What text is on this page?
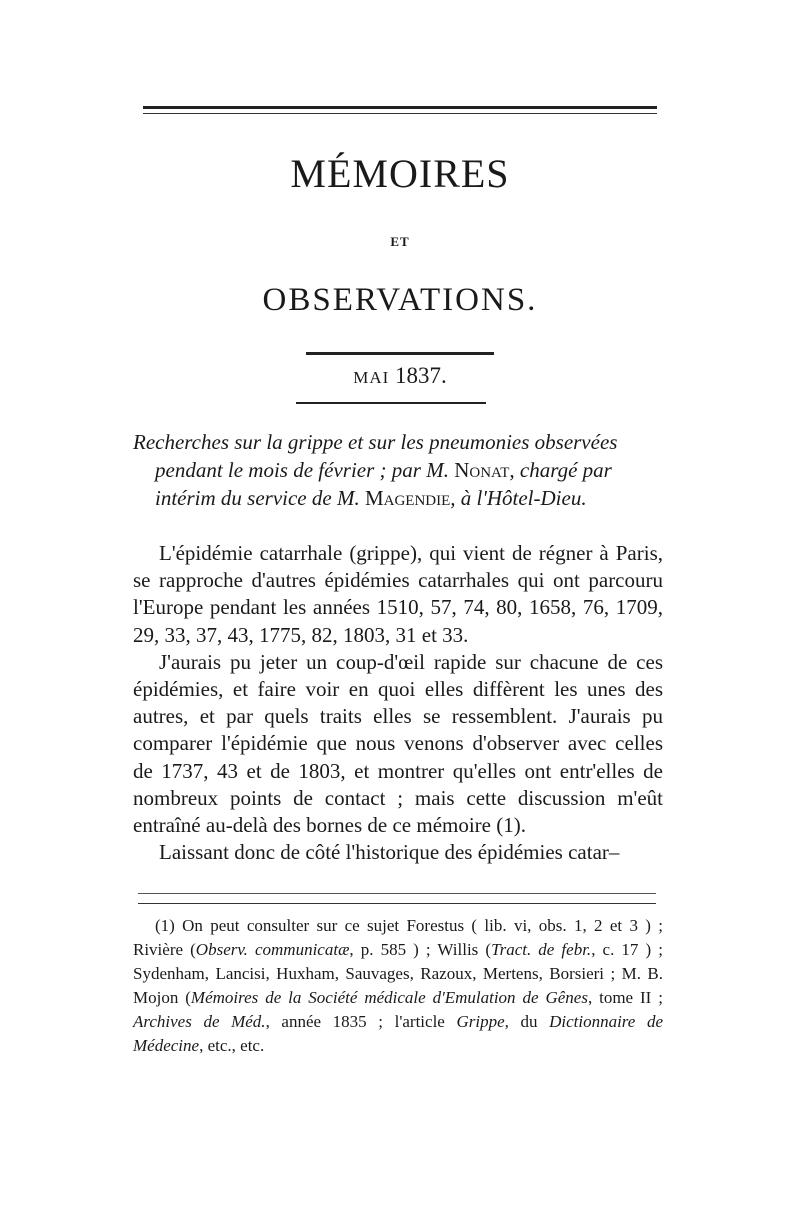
MÉMOIRES
ET
OBSERVATIONS.
MAI 1837.
Recherches sur la grippe et sur les pneumonies observées
pendant le mois de février ; par M. Nonat, chargé par
intérim du service de M. Magendie, à l'Hôtel-Dieu.

L'épidémie catarrhale (grippe), qui vient de régner à Paris, se rapproche d'autres épidémies catarrhales qui ont parcouru l'Europe pendant les années 1510, 57, 74, 80, 1658, 76, 1709, 29, 33, 37, 43, 1775, 82, 1803, 31 et 33.

J'aurais pu jeter un coup-d'œil rapide sur chacune de ces épidémies, et faire voir en quoi elles diffèrent les unes des autres, et par quels traits elles se ressemblent. J'aurais pu comparer l'épidémie que nous venons d'observer avec celles de 1737, 43 et de 1803, et montrer qu'elles ont entr'elles de nombreux points de contact ; mais cette discussion m'eût entraîné au-delà des bornes de ce mémoire (1).

Laissant donc de côté l'historique des épidémies catar–

(1) On peut consulter sur ce sujet Forestus ( lib. vi, obs. 1, 2 et 3 ) ; Rivière (Observ. communicatæ, p. 585 ) ; Willis (Tract. de febr., c. 17 ) ; Sydenham, Lancisi, Huxham, Sauvages, Razoux, Mertens, Borsieri ; M. B. Mojon (Mémoires de la Société médicale d'Emulation de Gênes, tome II ; Archives de Méd., année 1835 ; l'article Grippe, du Dictionnaire de Médecine, etc., etc.
